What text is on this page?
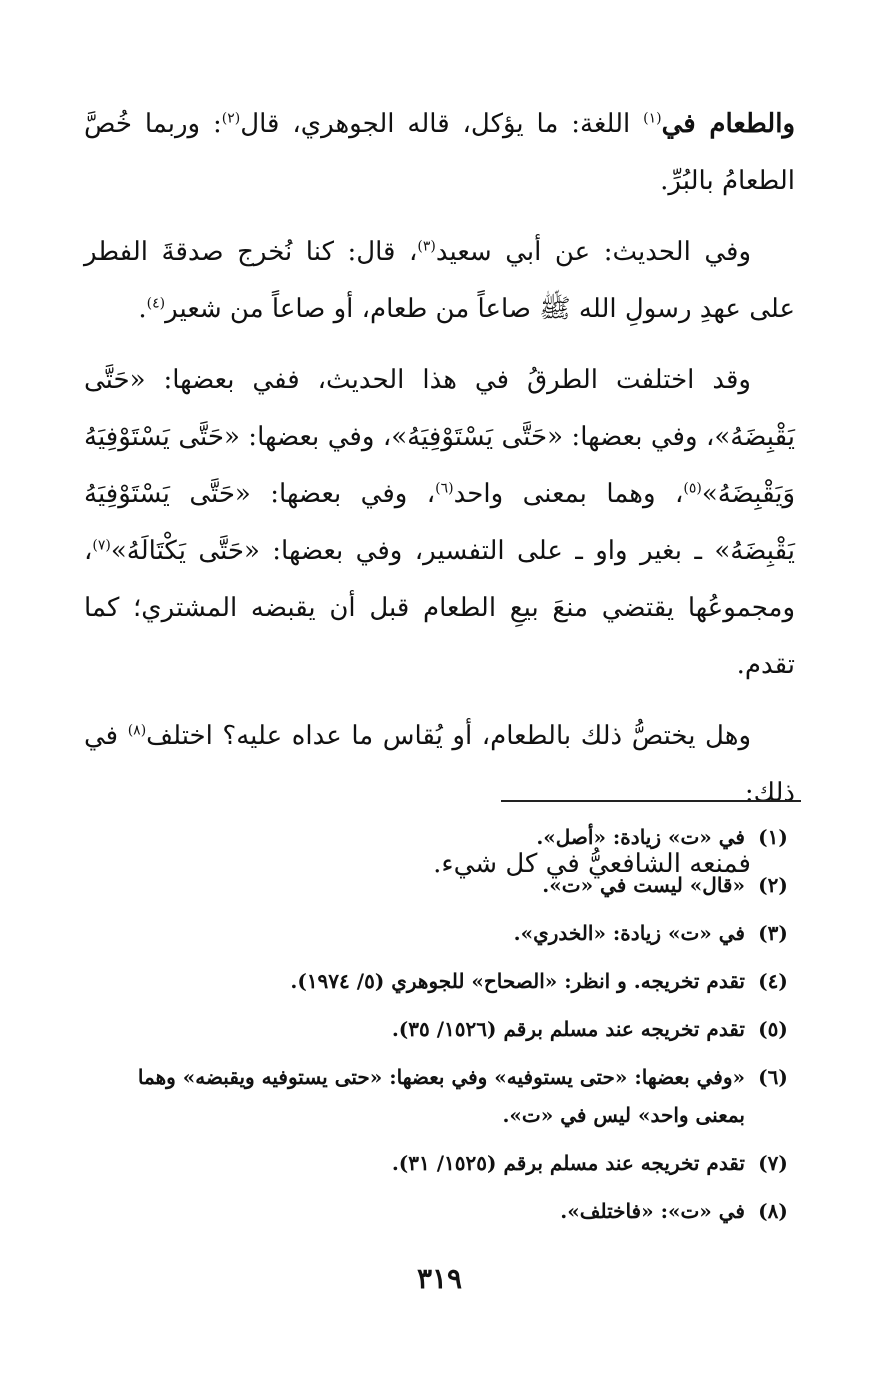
والطعام في$^{(١)}$ اللغة: ما يؤكل، قاله الجوهري، قال$^{(٢)}$: وربما خُصَّ الطعامُ بالبُرِّ.

وفي الحديث: عن أبي سعيد$^{(٣)}$، قال: كنا نُخرج صدقةَ الفطر على عهدِ رسولِ الله ﷺ صاعاً من طعام، أو صاعاً من شعير$^{(٤)}$.

وقد اختلفت الطرقُ في هذا الحديث، ففي بعضها: «حَتَّى يَقْبِضَهُ»، وفي بعضها: «حَتَّى يَسْتَوْفِيَهُ»، وفي بعضها: «حَتَّى يَسْتَوْفِيَهُ وَيَقْبِضَهُ»$^{(٥)}$، وهما بمعنى واحد$^{(٦)}$، وفي بعضها: «حَتَّى يَسْتَوْفِيَهُ يَقْبِضَهُ» ـ بغير واو ـ على التفسير، وفي بعضها: «حَتَّى يَكْتَالَهُ»$^{(٧)}$، ومجموعُها يقتضي منعَ بيعِ الطعام قبل أن يقبضه المشتري؛ كما تقدم.

وهل يختصُّ ذلك بالطعام، أو يُقاس ما عداه عليه؟ اختلف$^{(٨)}$ في ذلك:

فمنعه الشافعيُّ في كل شيء.

(١)
في «ت» زيادة: «أصل».
(٢)
«قال» ليست في «ت».
(٣)
في «ت» زيادة: «الخدري».
(٤)
تقدم تخريجه. و انظر: «الصحاح» للجوهري (٥/ ١٩٧٤).
(٥)
تقدم تخريجه عند مسلم برقم (١٥٢٦/ ٣٥).
(٦)
«وفي بعضها: «حتى يستوفيه» وفي بعضها: «حتى يستوفيه ويقبضه» وهما بمعنى واحد» ليس في «ت».
(٧)
تقدم تخريجه عند مسلم برقم (١٥٢٥/ ٣١).
(٨)
في «ت»: «فاختلف».
٣١٩
